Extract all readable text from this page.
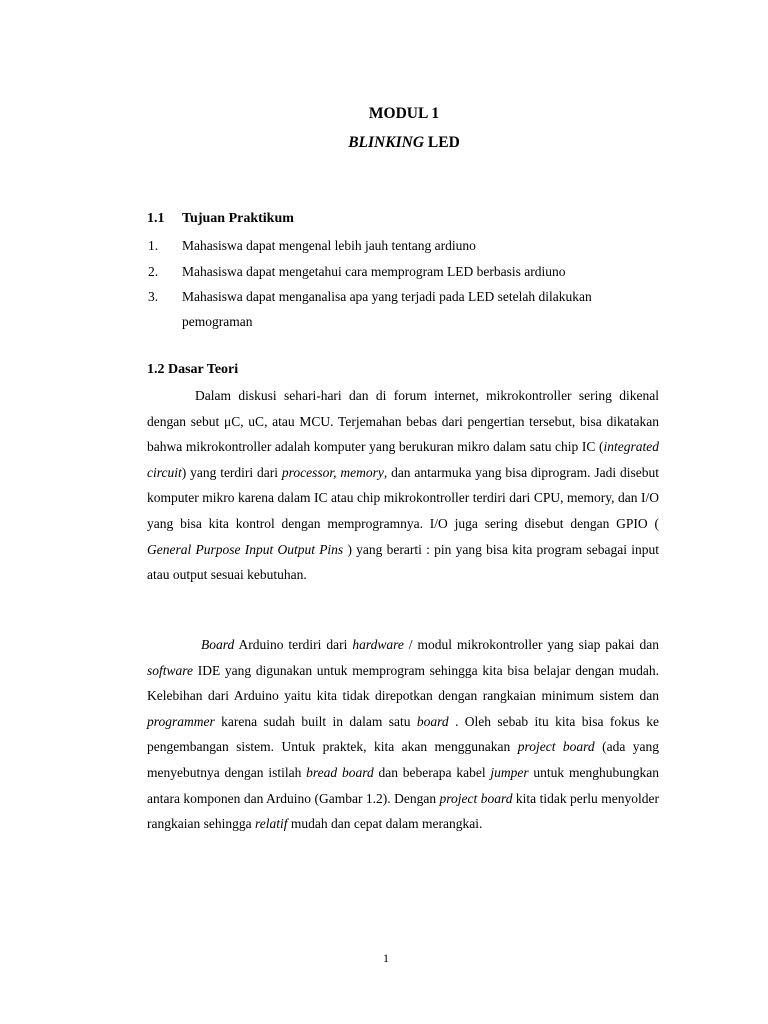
MODUL 1
BLINKING LED
1.1 Tujuan Praktikum
1. Mahasiswa dapat mengenal lebih jauh tentang ardiuno
2. Mahasiswa dapat mengetahui cara memprogram LED berbasis ardiuno
3. Mahasiswa dapat menganalisa apa yang terjadi pada LED setelah dilakukan
pemograman
1.2 Dasar Teori
Dalam diskusi sehari-hari dan di forum internet, mikrokontroller sering dikenal dengan sebut μC, uC, atau MCU. Terjemahan bebas dari pengertian tersebut, bisa dikatakan bahwa mikrokontroller adalah komputer yang berukuran mikro dalam satu chip IC (integrated circuit) yang terdiri dari processor, memory, dan antarmuka yang bisa diprogram. Jadi disebut komputer mikro karena dalam IC atau chip mikrokontroller terdiri dari CPU, memory, dan I/O yang bisa kita kontrol dengan memprogramnya. I/O juga sering disebut dengan GPIO ( General Purpose Input Output Pins ) yang berarti : pin yang bisa kita program sebagai input atau output sesuai kebutuhan.
Board Arduino terdiri dari hardware / modul mikrokontroller yang siap pakai dan software IDE yang digunakan untuk memprogram sehingga kita bisa belajar dengan mudah. Kelebihan dari Arduino yaitu kita tidak direpotkan dengan rangkaian minimum sistem dan programmer karena sudah built in dalam satu board . Oleh sebab itu kita bisa fokus ke pengembangan sistem. Untuk praktek, kita akan menggunakan project board (ada yang menyebutnya dengan istilah bread board dan beberapa kabel jumper untuk menghubungkan antara komponen dan Arduino (Gambar 1.2). Dengan project board kita tidak perlu menyolder rangkaian sehingga relatif mudah dan cepat dalam merangkai.
1
